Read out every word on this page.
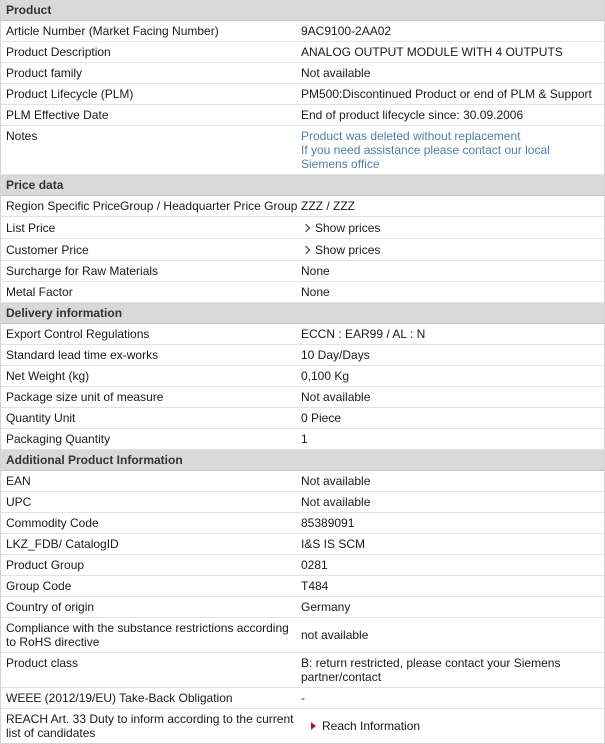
Product
Article Number (Market Facing Number)	9AC9100-2AA02
Product Description	ANALOG OUTPUT MODULE WITH 4 OUTPUTS
Product family	Not available
Product Lifecycle (PLM)	PM500:Discontinued Product or end of PLM & Support
PLM Effective Date	End of product lifecycle since: 30.09.2006
Notes	Product was deleted without replacement
If you need assistance please contact our local
Siemens office
Price data
Region Specific PriceGroup / Headquarter Price Group ZZZ / ZZZ
List Price	Show prices
Customer Price	Show prices
Surcharge for Raw Materials	None
Metal Factor	None
Delivery information
Export Control Regulations	ECCN : EAR99 / AL : N
Standard lead time ex-works	10 Day/Days
Net Weight (kg)	0,100 Kg
Package size unit of measure	Not available
Quantity Unit	0 Piece
Packaging Quantity	1
Additional Product Information
EAN	Not available
UPC	Not available
Commodity Code	85389091
LKZ_FDB/ CatalogID	I&S IS SCM
Product Group	0281
Group Code	T484
Country of origin	Germany
Compliance with the substance restrictions according
to RoHS directive	not available
Product class	B: return restricted, please contact your Siemens
partner/contact
WEEE (2012/19/EU) Take-Back Obligation	-
REACH Art. 33 Duty to inform according to the current
list of candidates	Reach Information
